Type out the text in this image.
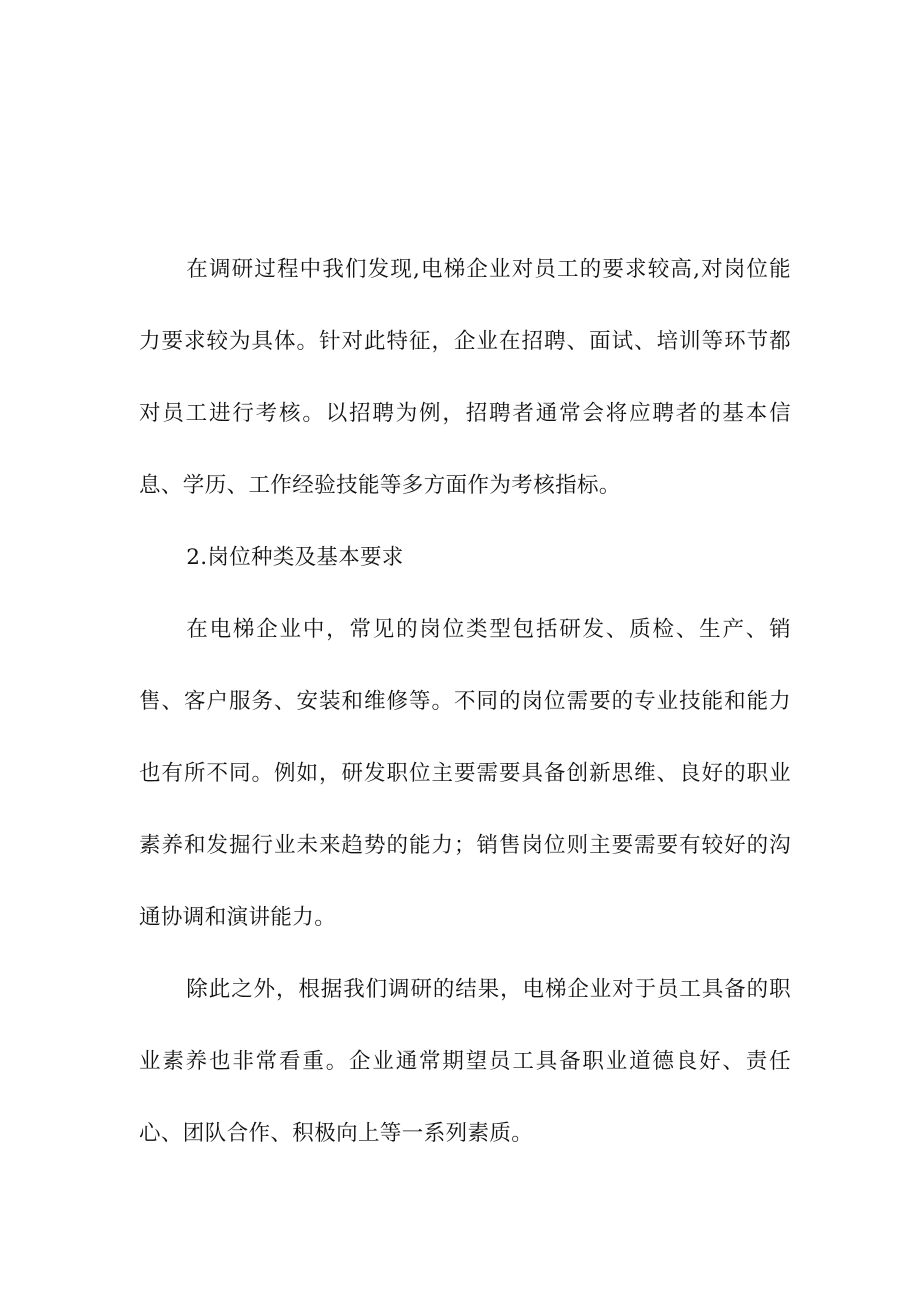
在调研过程中我们发现,电梯企业对员工的要求较高,对岗位能力要求较为具体。针对此特征，企业在招聘、面试、培训等环节都对员工进行考核。以招聘为例，招聘者通常会将应聘者的基本信息、学历、工作经验技能等多方面作为考核指标。

2.岗位种类及基本要求

在电梯企业中，常见的岗位类型包括研发、质检、生产、销售、客户服务、安装和维修等。不同的岗位需要的专业技能和能力也有所不同。例如，研发职位主要需要具备创新思维、良好的职业素养和发掘行业未来趋势的能力；销售岗位则主要需要有较好的沟通协调和演讲能力。

除此之外，根据我们调研的结果，电梯企业对于员工具备的职业素养也非常看重。企业通常期望员工具备职业道德良好、责任心、团队合作、积极向上等一系列素质。
